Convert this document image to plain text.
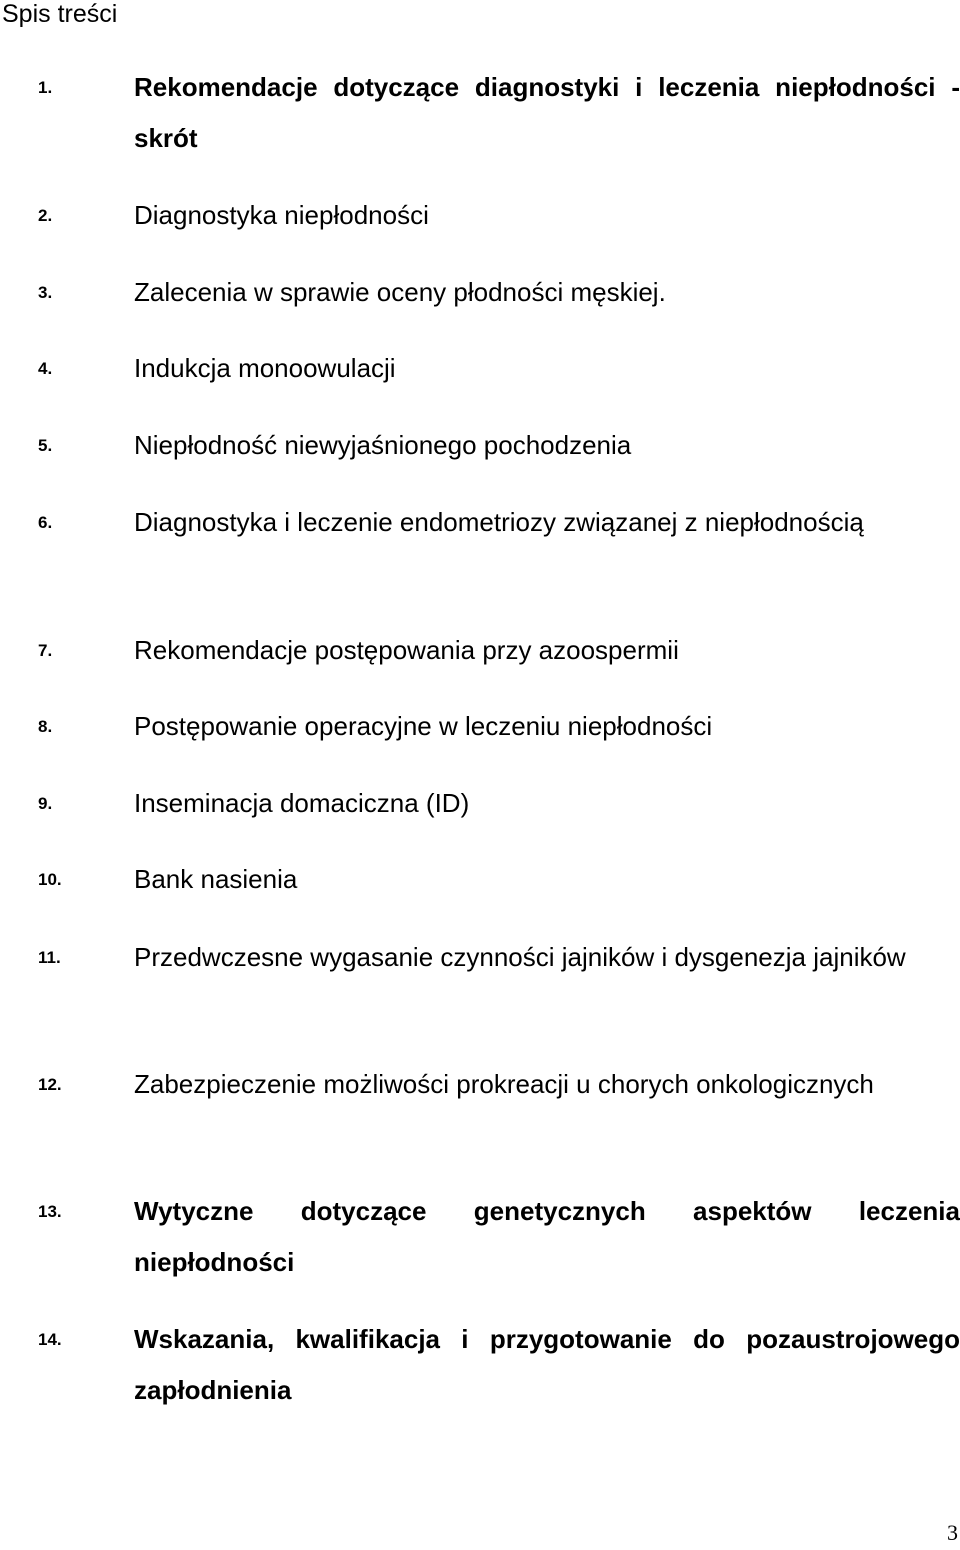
Spis treści
1.	Rekomendacje dotyczące diagnostyki i leczenia niepłodności - skrót
2.	Diagnostyka niepłodności
3.	Zalecenia w sprawie oceny płodności męskiej.
4.	Indukcja monoowulacji
5.	Niepłodność niewyjaśnionego pochodzenia
6.	Diagnostyka i leczenie endometriozy związanej z niepłodnością
7.	Rekomendacje postępowania przy azoospermii
8.	Postępowanie operacyjne w leczeniu niepłodności
9.	Inseminacja domaciczna (ID)
10.	Bank nasienia
11.	Przedwczesne wygasanie czynności jajników i dysgenezja jajników
12.	Zabezpieczenie możliwości prokreacji u chorych onkologicznych
13.	Wytyczne dotyczące genetycznych aspektów leczenia niepłodności
14.	Wskazania, kwalifikacja i przygotowanie do pozaustrojowego zapłodnienia
3
